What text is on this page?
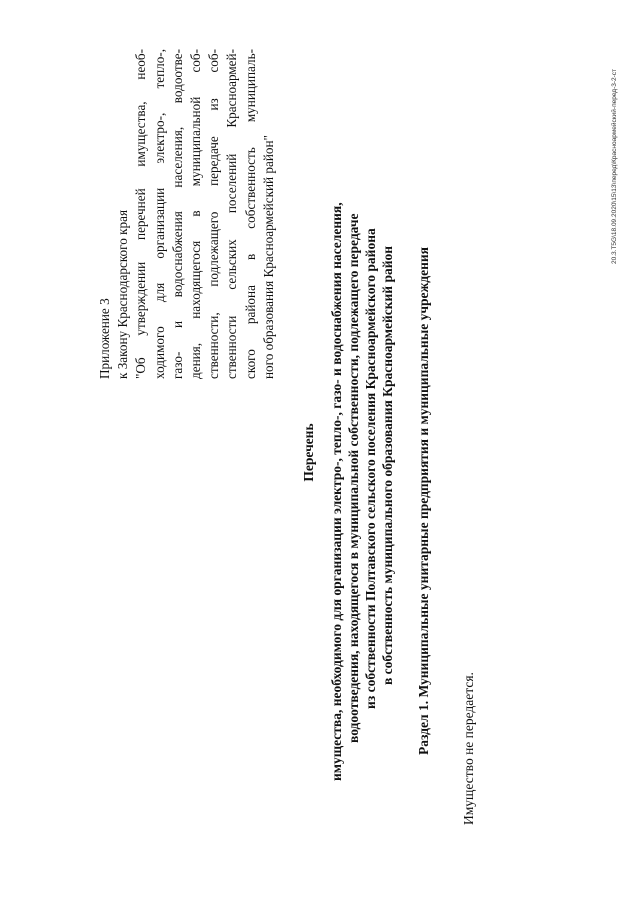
Приложение 3 к Закону Краснодарского края "Об утверждении перечней имущества, необ- ходимого для организации электро-, тепло-, газо- и водоснабжения населения, водоотве- дения, находящегося в муниципальной соб- ственности, подлежащего передаче из соб- ственности сельских поселений Красноармей- ского района в собственность муниципаль- ного образования Красноармейский район"
Перечень имущества, необходимого для организации электро-, тепло-, газо- и водоснабжения населения, водоотведения, находящегося в муниципальной собственности, подлежащего передаче из собственности Полтавского сельского поселения Красноармейского района в собственность муниципального образования Красноармейский район Раздел 1. Муниципальные унитарные предприятия и муниципальные учреждения Имущество не передается.
20.3.Т5G\18.09.2020\15\13\перед\Красноармейский-перед-3-2-ст
